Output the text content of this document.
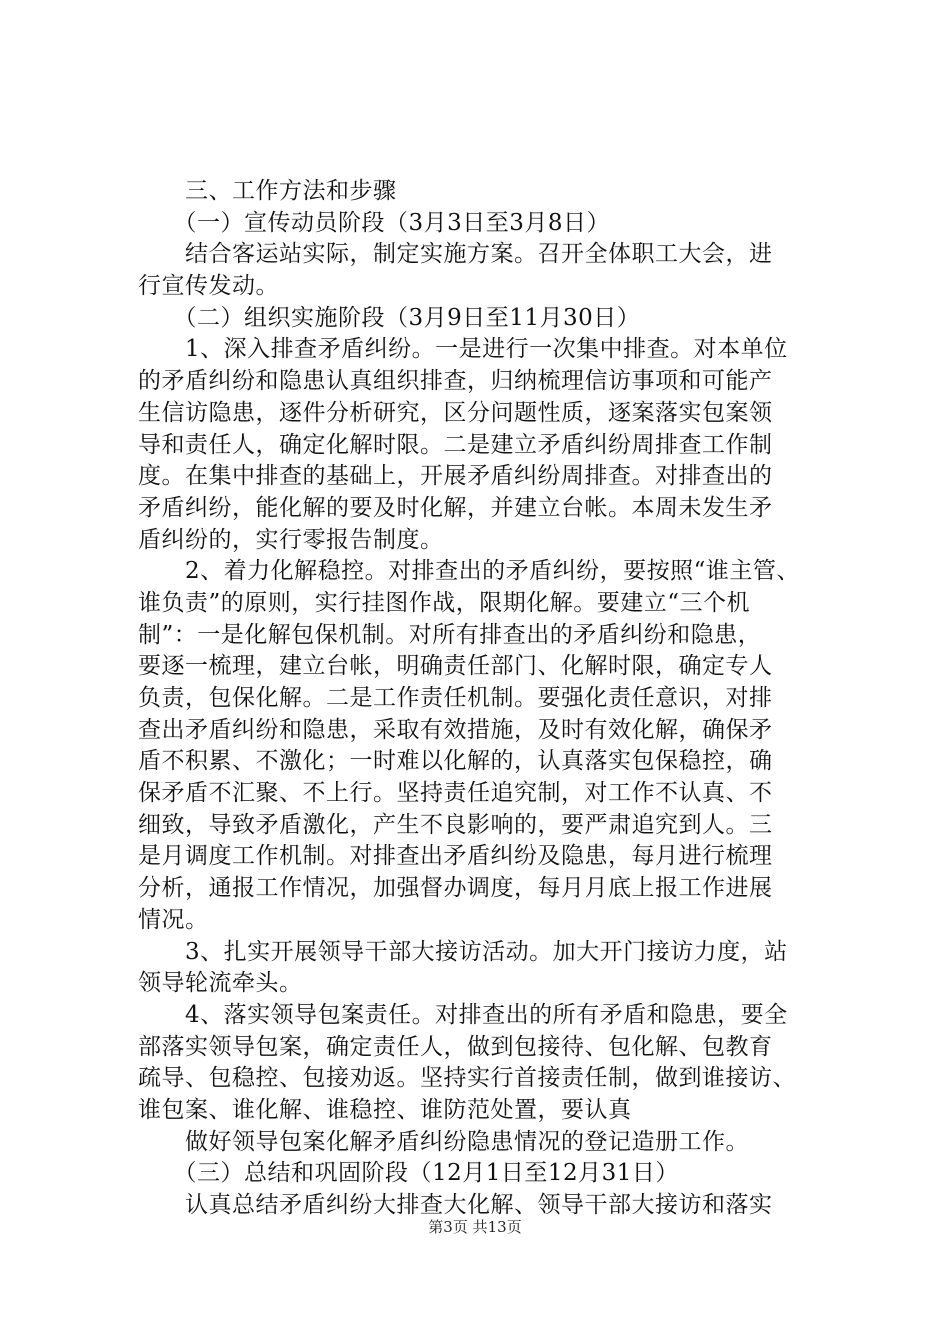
　　三、工作方法和步骤
　　（一）宣传动员阶段（3月3日至3月8日）
　　结合客运站实际，制定实施方案。召开全体职工大会，进
行宣传发动。
　　（二）组织实施阶段（3月9日至11月30日）
　　1、深入排查矛盾纠纷。一是进行一次集中排查。对本单位
的矛盾纠纷和隐患认真组织排查，归纳梳理信访事项和可能产
生信访隐患，逐件分析研究，区分问题性质，逐案落实包案领
导和责任人，确定化解时限。二是建立矛盾纠纷周排查工作制
度。在集中排查的基础上，开展矛盾纠纷周排查。对排查出的
矛盾纠纷，能化解的要及时化解，并建立台帐。本周未发生矛
盾纠纷的，实行零报告制度。
　　2、着力化解稳控。对排查出的矛盾纠纷，要按照“谁主管、
谁负责”的原则，实行挂图作战，限期化解。要建立“三个机
制”：一是化解包保机制。对所有排查出的矛盾纠纷和隐患，
要逐一梳理，建立台帐，明确责任部门、化解时限，确定专人
负责，包保化解。二是工作责任机制。要强化责任意识，对排
查出矛盾纠纷和隐患，采取有效措施，及时有效化解，确保矛
盾不积累、不激化；一时难以化解的，认真落实包保稳控，确
保矛盾不汇聚、不上行。坚持责任追究制，对工作不认真、不
细致，导致矛盾激化，产生不良影响的，要严肃追究到人。三
是月调度工作机制。对排查出矛盾纠纷及隐患，每月进行梳理
分析，通报工作情况，加强督办调度，每月月底上报工作进展
情况。
　　3、扎实开展领导干部大接访活动。加大开门接访力度，站
领导轮流牵头。
　　4、落实领导包案责任。对排查出的所有矛盾和隐患，要全
部落实领导包案，确定责任人，做到包接待、包化解、包教育
疏导、包稳控、包接劝返。坚持实行首接责任制，做到谁接访、
谁包案、谁化解、谁稳控、谁防范处置，要认真
　　做好领导包案化解矛盾纠纷隐患情况的登记造册工作。
　　（三）总结和巩固阶段（12月1日至12月31日）
　　认真总结矛盾纠纷大排查大化解、领导干部大接访和落实
第3页 共13页
